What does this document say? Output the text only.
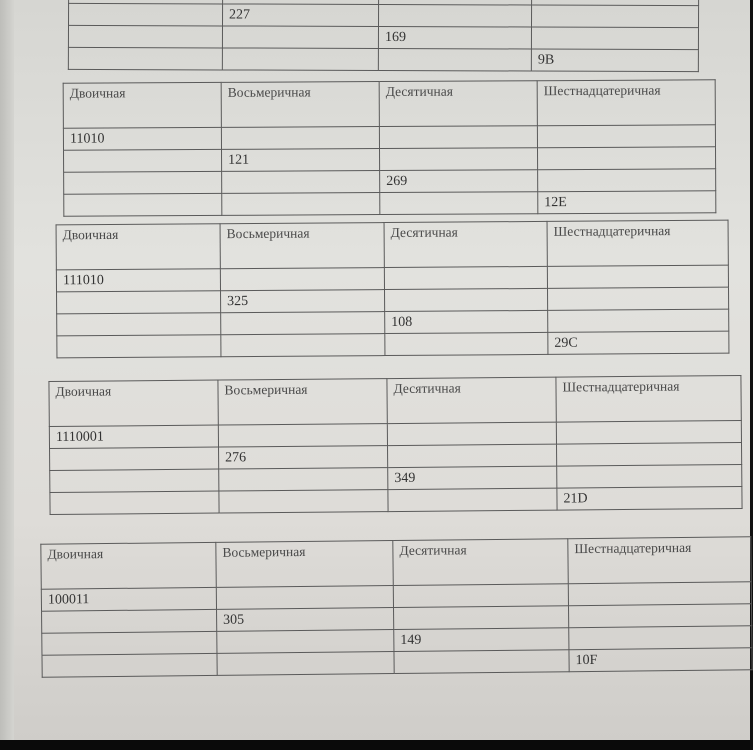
	227		
		169	
			9B
Двоичная	Восьмеричная	Десятичная	Шестнадцатеричная
11010			
	121		
		269	
			12E
Двоичная	Восьмеричная	Десятичная	Шестнадцатеричная
111010			
	325		
		108	
			29C
Двоичная	Восьмеричная	Десятичная	Шестнадцатеричная
1110001			
	276		
		349	
			21D
Двоичная	Восьмеричная	Десятичная	Шестнадцатеричная
100011			
	305		
		149	
			10F
